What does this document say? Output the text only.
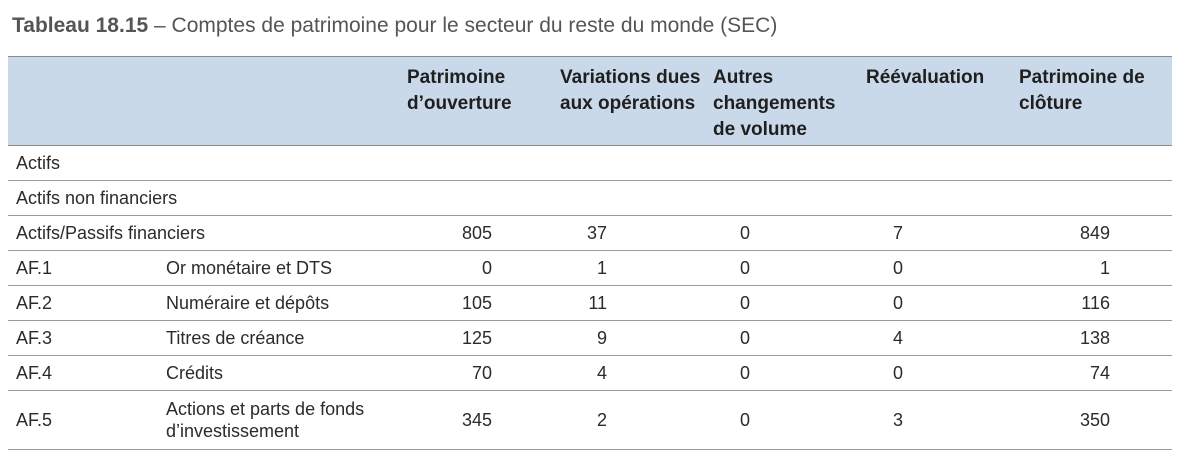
Tableau 18.15 – Comptes de patrimoine pour le secteur du reste du monde (SEC)
		Patrimoine d’ouverture	Variations dues aux opérations	Autres changements de volume	Réévaluation	Patrimoine de clôture
Actifs						
Actifs non financiers						
Actifs/Passifs financiers		805	37	0	7	849
AF.1	Or monétaire et DTS	0	1	0	0	1
AF.2	Numéraire et dépôts	105	11	0	0	116
AF.3	Titres de créance	125	9	0	4	138
AF.4	Crédits	70	4	0	0	74
AF.5	Actions et parts de fonds d’investissement	345	2	0	3	350
